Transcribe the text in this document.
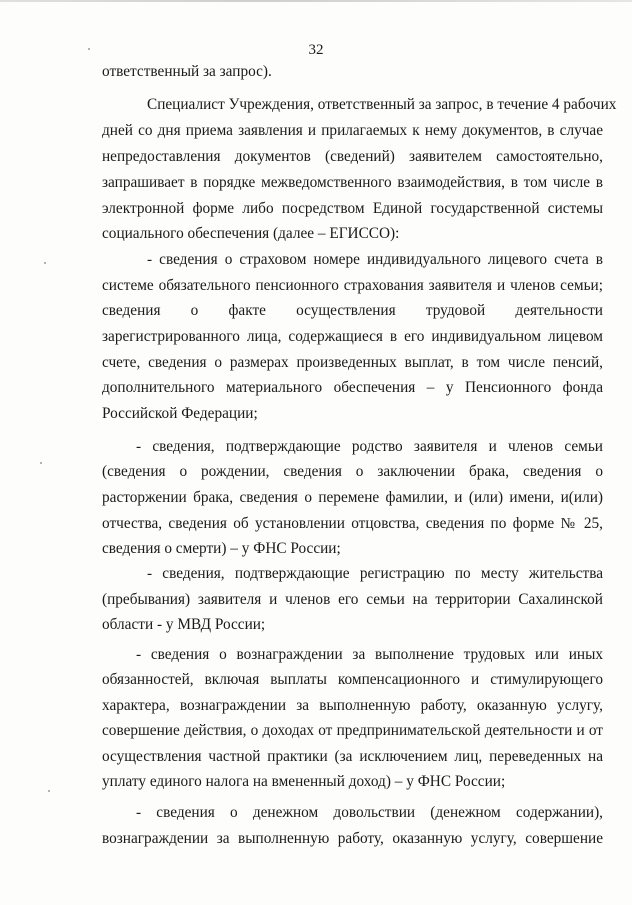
32
ответственный за запрос).
Специалист Учреждения, ответственный за запрос, в течение 4 рабочих
дней со дня приема заявления и прилагаемых к нему документов, в случае
непредоставления документов (сведений) заявителем самостоятельно,
запрашивает в порядке межведомственного взаимодействия, в том числе в
электронной форме либо посредством Единой государственной системы
социального обеспечения (далее – ЕГИССО):
- сведения о страховом номере индивидуального лицевого счета в
системе обязательного пенсионного страхования заявителя и членов семьи;
сведения о факте осуществления трудовой деятельности
зарегистрированного лица, содержащиеся в его индивидуальном лицевом
счете, сведения о размерах произведенных выплат, в том числе пенсий,
дополнительного материального обеспечения – у Пенсионного фонда
Российской Федерации;
- сведения, подтверждающие родство заявителя и членов семьи
(сведения о рождении, сведения о заключении брака, сведения о
расторжении брака, сведения о перемене фамилии, и (или) имени, и(или)
отчества, сведения об установлении отцовства, сведения по форме № 25,
сведения о смерти) – у ФНС России;
- сведения, подтверждающие регистрацию по месту жительства
(пребывания) заявителя и членов его семьи на территории Сахалинской
области - у МВД России;
- сведения о вознаграждении за выполнение трудовых или иных
обязанностей, включая выплаты компенсационного и стимулирующего
характера, вознаграждении за выполненную работу, оказанную услугу,
совершение действия, о доходах от предпринимательской деятельности и от
осуществления частной практики (за исключением лиц, переведенных на
уплату единого налога на вмененный доход) – у ФНС России;
- сведения о денежном довольствии (денежном содержании),
вознаграждении за выполненную работу, оказанную услугу, совершение
